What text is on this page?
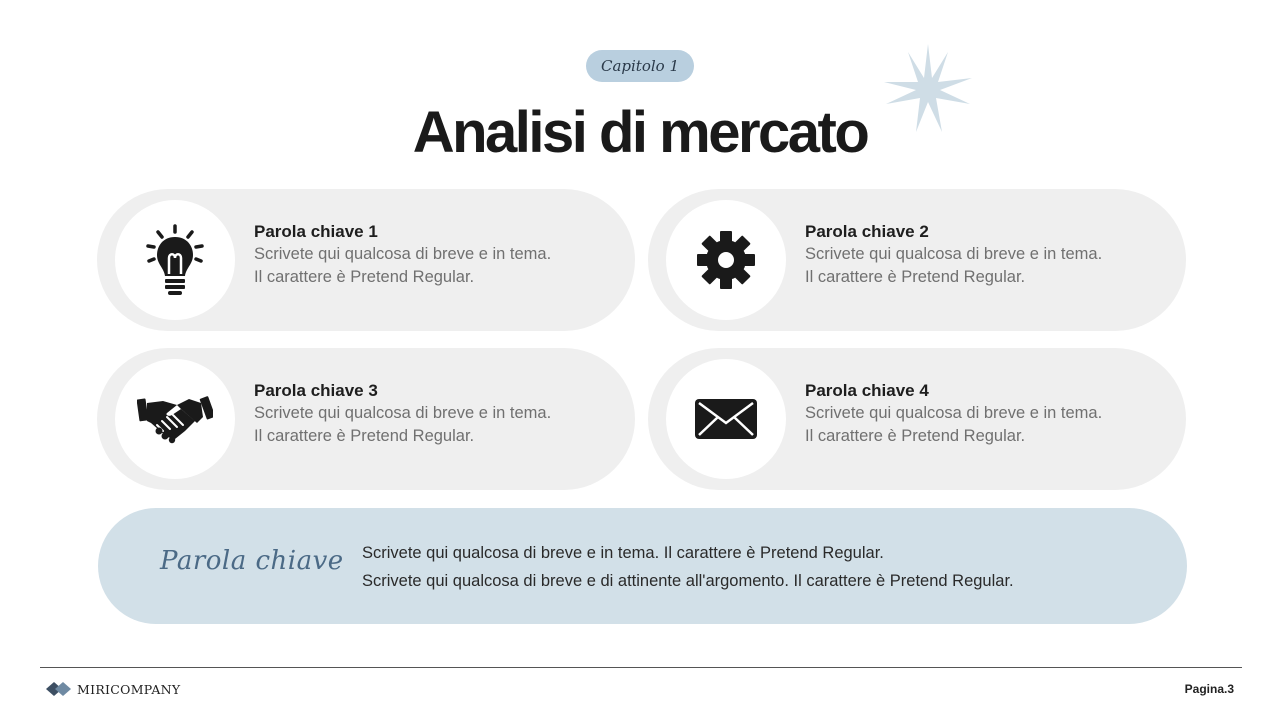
Capitolo 1
Analisi di mercato
Parola chiave 1
Scrivete qui qualcosa di breve e in tema.
Il carattere è Pretend Regular.
Parola chiave 2
Scrivete qui qualcosa di breve e in tema.
Il carattere è Pretend Regular.
Parola chiave 3
Scrivete qui qualcosa di breve e in tema.
Il carattere è Pretend Regular.
Parola chiave 4
Scrivete qui qualcosa di breve e in tema.
Il carattere è Pretend Regular.
Parola chiave Scrivete qui qualcosa di breve e in tema. Il carattere è Pretend Regular.
Scrivete qui qualcosa di breve e di attinente all'argomento. Il carattere è Pretend Regular.
MIRICOMPANY	Pagina.3
